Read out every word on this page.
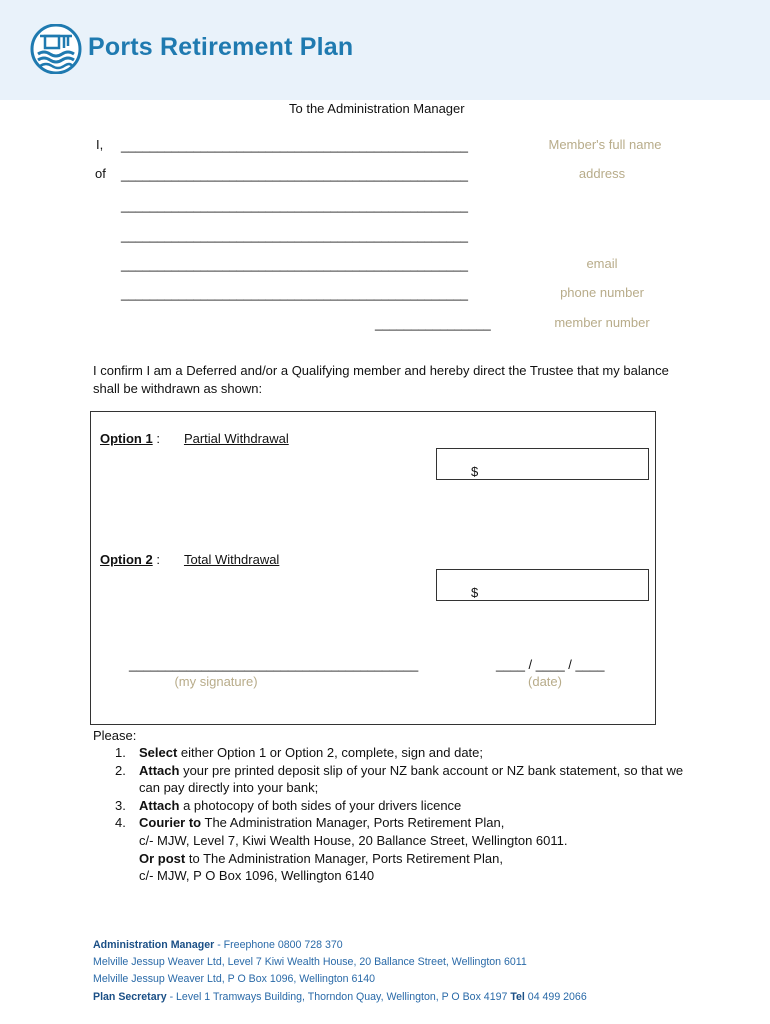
Ports Retirement Plan
To the Administration Manager
I,
of
________________________________________________
________________________________________________
________________________________________________
________________________________________________
________________________________________________
________________________________________________
________________
Member's full name
address
email
phone number
member number
I confirm I am a Deferred and/or a Qualifying member and hereby direct the Trustee that my balance shall be withdrawn as shown:
Option 1 : Partial Withdrawal
$
Option 2 : Total Withdrawal
$
________________________________________
(my signature)
____ / ____ / ____
(date)
Please:
1. Select either Option 1 or Option 2, complete, sign and date;
2. Attach your pre printed deposit slip of your NZ bank account or NZ bank statement, so that we can pay directly into your bank;
3. Attach a photocopy of both sides of your drivers licence
4. Courier to The Administration Manager, Ports Retirement Plan,
c/- MJW, Level 7, Kiwi Wealth House, 20 Ballance Street, Wellington 6011.
Or post to The Administration Manager, Ports Retirement Plan,
c/- MJW, P O Box 1096, Wellington 6140
Administration Manager - Freephone 0800 728 370
Melville Jessup Weaver Ltd, Level 7 Kiwi Wealth House, 20 Ballance Street, Wellington 6011
Melville Jessup Weaver Ltd, P O Box 1096, Wellington 6140
Plan Secretary - Level 1 Tramways Building, Thorndon Quay, Wellington, P O Box 4197 Tel 04 499 2066
